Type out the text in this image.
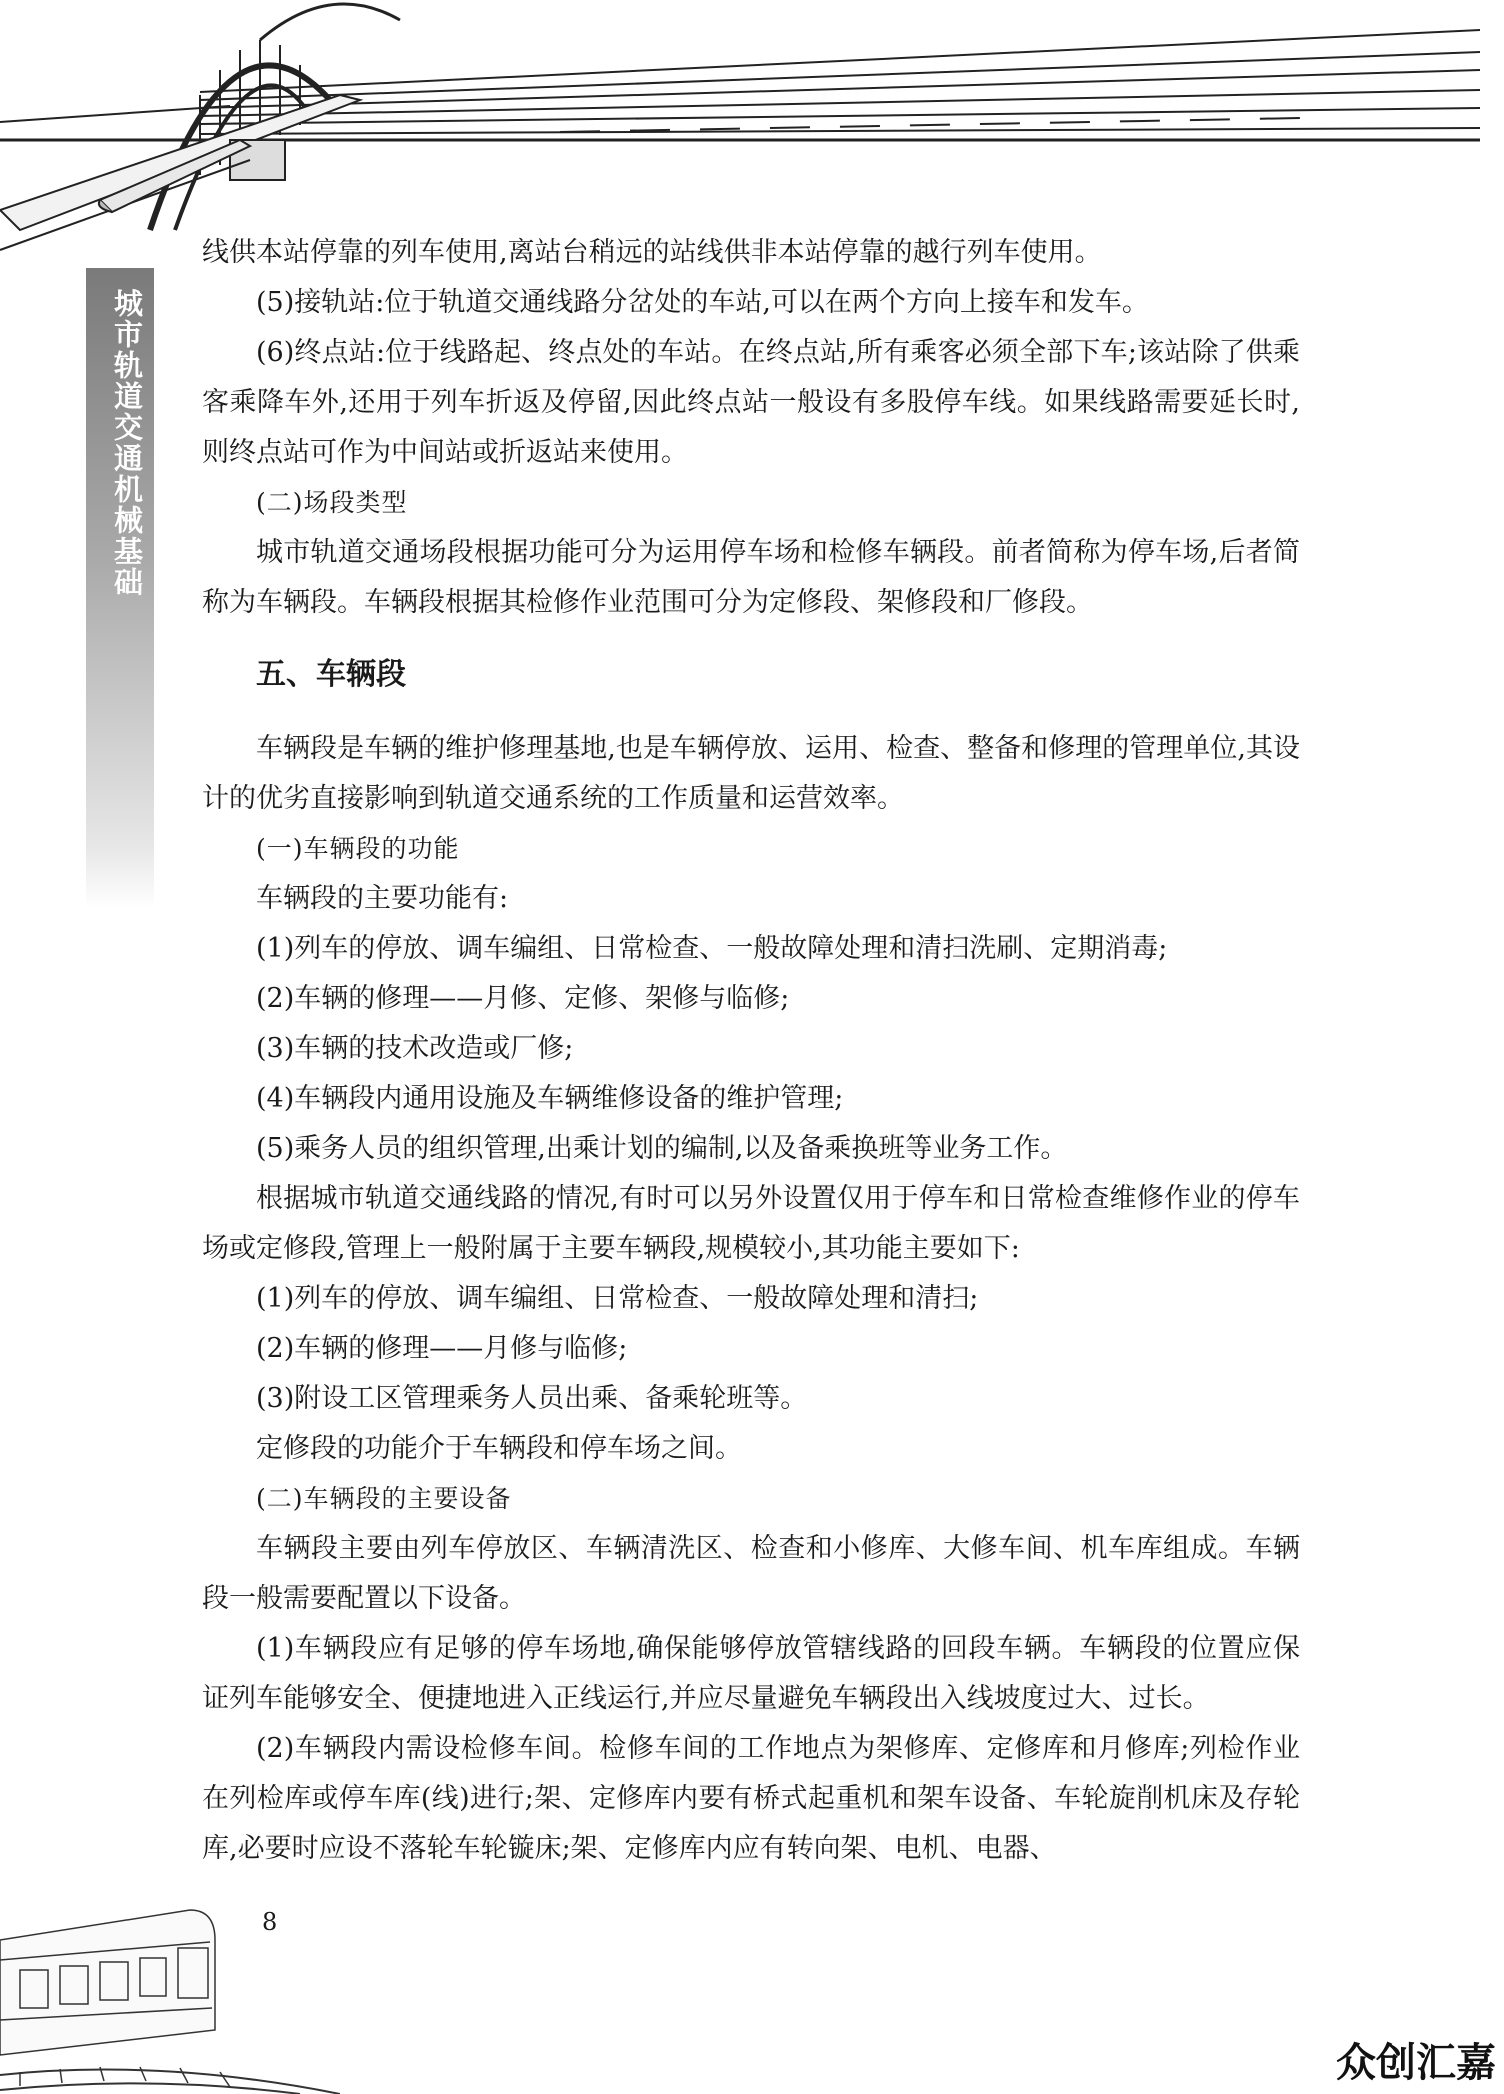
城市轨道交通机械基础

线供本站停靠的列车使用,离站台稍远的站线供非本站停靠的越行列车使用。

(5)接轨站:位于轨道交通线路分岔处的车站,可以在两个方向上接车和发车。

(6)终点站:位于线路起、终点处的车站。在终点站,所有乘客必须全部下车;该站除了供乘客乘降车外,还用于列车折返及停留,因此终点站一般设有多股停车线。如果线路需要延长时,则终点站可作为中间站或折返站来使用。

(二)场段类型

城市轨道交通场段根据功能可分为运用停车场和检修车辆段。前者简称为停车场,后者简称为车辆段。车辆段根据其检修作业范围可分为定修段、架修段和厂修段。

五、车辆段

车辆段是车辆的维护修理基地,也是车辆停放、运用、检查、整备和修理的管理单位,其设计的优劣直接影响到轨道交通系统的工作质量和运营效率。

(一)车辆段的功能

车辆段的主要功能有:

(1)列车的停放、调车编组、日常检查、一般故障处理和清扫洗刷、定期消毒;

(2)车辆的修理——月修、定修、架修与临修;

(3)车辆的技术改造或厂修;

(4)车辆段内通用设施及车辆维修设备的维护管理;

(5)乘务人员的组织管理,出乘计划的编制,以及备乘换班等业务工作。

根据城市轨道交通线路的情况,有时可以另外设置仅用于停车和日常检查维修作业的停车场或定修段,管理上一般附属于主要车辆段,规模较小,其功能主要如下:

(1)列车的停放、调车编组、日常检查、一般故障处理和清扫;

(2)车辆的修理——月修与临修;

(3)附设工区管理乘务人员出乘、备乘轮班等。

定修段的功能介于车辆段和停车场之间。

(二)车辆段的主要设备

车辆段主要由列车停放区、车辆清洗区、检查和小修库、大修车间、机车库组成。车辆段一般需要配置以下设备。

(1)车辆段应有足够的停车场地,确保能够停放管辖线路的回段车辆。车辆段的位置应保证列车能够安全、便捷地进入正线运行,并应尽量避免车辆段出入线坡度过大、过长。

(2)车辆段内需设检修车间。检修车间的工作地点为架修库、定修库和月修库;列检作业在列检库或停车库(线)进行;架、定修库内要有桥式起重机和架车设备、车轮旋削机床及存轮库,必要时应设不落轮车轮镟床;架、定修库内应有转向架、电机、电器、

8
众创汇嘉
